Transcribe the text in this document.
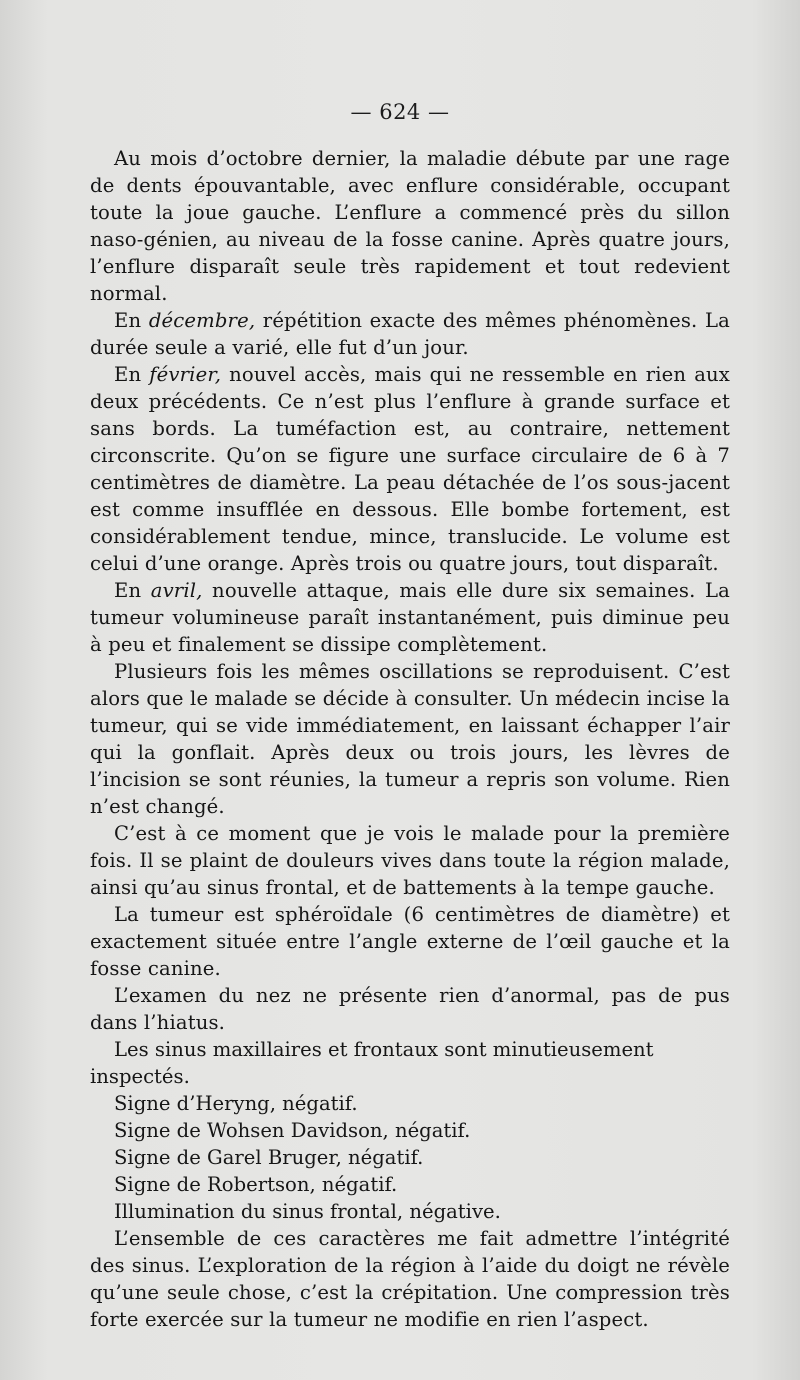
— 624 —

Au mois d’octobre dernier, la maladie débute par une rage de dents épouvantable, avec enflure considérable, occupant toute la joue gauche. L’enflure a commencé près du sillon naso-génien, au niveau de la fosse canine. Après quatre jours, l’enflure disparaît seule très rapidement et tout redevient normal.

En décembre, répétition exacte des mêmes phénomènes. La durée seule a varié, elle fut d’un jour.

En février, nouvel accès, mais qui ne ressemble en rien aux deux précédents. Ce n’est plus l’enflure à grande surface et sans bords. La tuméfaction est, au contraire, nettement circonscrite. Qu’on se figure une surface circulaire de 6 à 7 centimètres de diamètre. La peau détachée de l’os sous-jacent est comme insufflée en dessous. Elle bombe fortement, est considérablement tendue, mince, translucide. Le volume est celui d’une orange. Après trois ou quatre jours, tout disparaît.

En avril, nouvelle attaque, mais elle dure six semaines. La tumeur volumineuse paraît instantanément, puis diminue peu à peu et finalement se dissipe complètement.

Plusieurs fois les mêmes oscillations se reproduisent. C’est alors que le malade se décide à consulter. Un médecin incise la tumeur, qui se vide immédiatement, en laissant échapper l’air qui la gonflait. Après deux ou trois jours, les lèvres de l’incision se sont réunies, la tumeur a repris son volume. Rien n’est changé.

C’est à ce moment que je vois le malade pour la première fois. Il se plaint de douleurs vives dans toute la région malade, ainsi qu’au sinus frontal, et de battements à la tempe gauche.

La tumeur est sphéroïdale (6 centimètres de diamètre) et exactement située entre l’angle externe de l’œil gauche et la fosse canine.

L’examen du nez ne présente rien d’anormal, pas de pus dans l’hiatus.

Les sinus maxillaires et frontaux sont minutieusement inspectés.

Signe d’Heryng, négatif.

Signe de Wohsen Davidson, négatif.

Signe de Garel Bruger, négatif.

Signe de Robertson, négatif.

Illumination du sinus frontal, négative.

L’ensemble de ces caractères me fait admettre l’intégrité des sinus. L’exploration de la région à l’aide du doigt ne révèle qu’une seule chose, c’est la crépitation. Une compression très forte exercée sur la tumeur ne modifie en rien l’aspect.
